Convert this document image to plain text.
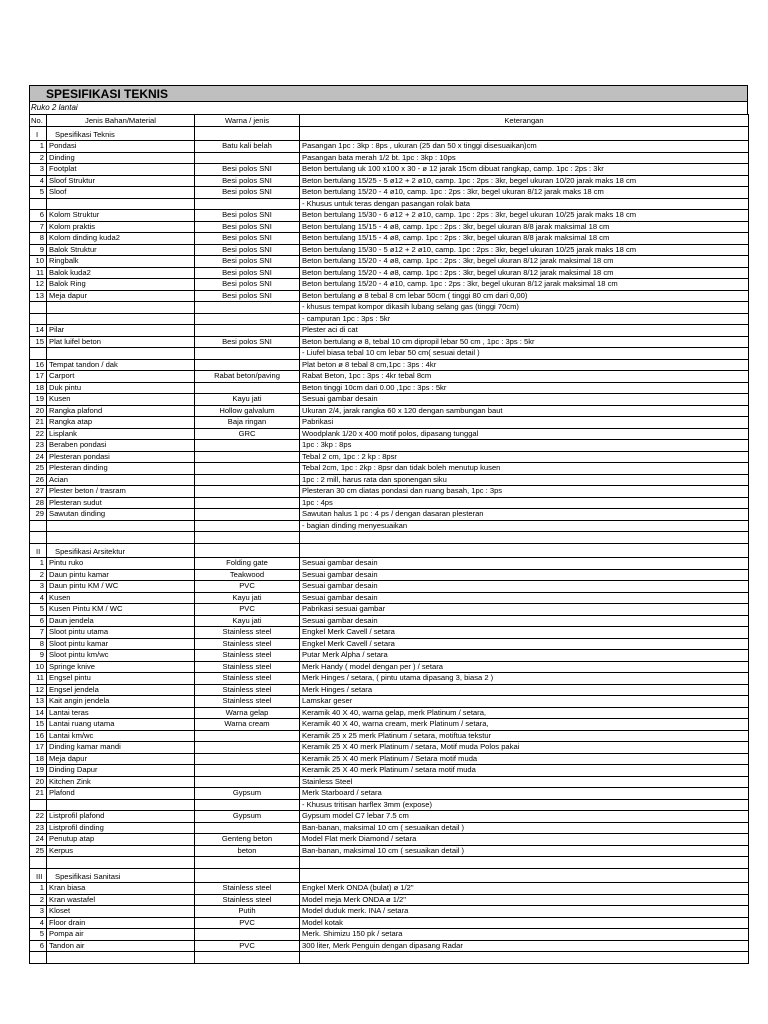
SPESIFIKASI TEKNIS
Ruko 2 lantai
No.	Jenis Bahan/Material	Warna / jenis	Keterangan
I	Spesifikasi Teknis		
1	Pondasi	Batu kali belah	Pasangan 1pc : 3kp : 8ps , ukuran (25 dan 50 x tinggi disesuaikan)cm
2	Dinding		Pasangan bata merah 1/2 bt. 1pc : 3kp : 10ps
3	Footplat	Besi polos SNI	Beton bertulang uk 100 x100 x 30 - ø 12 jarak 15cm dibuat rangkap, camp. 1pc : 2ps : 3kr
4	Sloof Struktur	Besi polos SNI	Beton bertulang 15/25 - 5 ø12 + 2 ø10, camp. 1pc : 2ps : 3kr, begel ukuran 10/20 jarak maks 18 cm
5	Sloof	Besi polos SNI	Beton bertulang 15/20 - 4 ø10, camp. 1pc : 2ps : 3kr, begel ukuran 8/12 jarak maks 18 cm
			- Khusus untuk teras dengan pasangan rolak bata
6	Kolom Struktur	Besi polos SNI	Beton bertulang 15/30 - 6 ø12 + 2 ø10, camp. 1pc : 2ps : 3kr, begel ukuran 10/25 jarak maks 18 cm
7	Kolom praktis	Besi polos SNI	Beton bertulang 15/15 - 4 ø8, camp. 1pc : 2ps : 3kr, begel ukuran 8/8 jarak maksimal 18 cm
8	Kolom dinding kuda2	Besi polos SNI	Beton bertulang 15/15 - 4 ø8, camp. 1pc : 2ps : 3kr, begel ukuran 8/8 jarak maksimal 18 cm
9	Balok Struktur	Besi polos SNI	Beton bertulang 15/30 - 5 ø12 + 2 ø10, camp. 1pc : 2ps : 3kr, begel ukuran 10/25 jarak maks 18 cm
10	Ringbalk	Besi polos SNI	Beton bertulang 15/20 - 4 ø8, camp. 1pc : 2ps : 3kr, begel ukuran 8/12 jarak maksimal 18 cm
11	Balok kuda2	Besi polos SNI	Beton bertulang 15/20 - 4 ø8, camp. 1pc : 2ps : 3kr, begel ukuran 8/12 jarak maksimal 18 cm
12	Balok Ring	Besi polos SNI	Beton bertulang 15/20 - 4 ø10, camp. 1pc : 2ps : 3kr, begel ukuran 8/12 jarak maksimal 18 cm
13	Meja dapur	Besi polos SNI	Beton bertulang ø 8 tebal 8 cm lebar 50cm ( tinggi 80 cm dari 0,00)
			- khusus tempat kompor dikasih lubang selang gas (tinggi 70cm)
			- campuran 1pc : 3ps : 5kr
14	Pilar		Plester aci di cat
15	Plat luifel beton	Besi polos SNI	Beton bertulang ø 8, tebal 10 cm dipropil lebar 50 cm , 1pc : 3ps : 5kr
			- Liufel biasa tebal 10 cm lebar 50 cm( sesuai detail )
16	Tempat tandon / dak		Plat beton ø 8 tebal 8 cm,1pc : 3ps : 4kr
17	Carport	Rabat beton/paving	Rabat Beton, 1pc : 3ps : 4kr tebal 8cm
18	Duk pintu		Beton tinggi 10cm dari 0.00 ,1pc : 3ps : 5kr
19	Kusen	Kayu jati	Sesuai gambar desain
20	Rangka plafond	Hollow galvalum	Ukuran 2/4, jarak rangka 60 x 120 dengan sambungan baut
21	Rangka atap	Baja ringan	Pabrikasi
22	Lisplank	GRC	Woodplank 1/20 x 400 motif polos, dipasang tunggal
23	Beraben pondasi		1pc : 3kp : 8ps
24	Plesteran pondasi		Tebal 2 cm, 1pc : 2 kp : 8psr
25	Plesteran dinding		Tebal 2cm, 1pc : 2kp : 8psr dan tidak boleh menutup kusen
26	Acian		1pc : 2 mill, harus rata dan sponengan siku
27	Plester beton / trasram		Plesteran 30 cm diatas pondasi dan ruang basah, 1pc : 3ps
28	Plesteran sudut		1pc : 4ps
29	Sawutan dinding		Sawutan halus 1 pc : 4 ps / dengan dasaran plesteran
			- bagian dinding menyesuaikan

II	Spesifikasi Arsitektur		
1	Pintu ruko	Folding gate	Sesuai gambar desain
2	Daun pintu kamar	Teakwood	Sesuai gambar desain
3	Daun pintu KM / WC	PVC	Sesuai gambar desain
4	Kusen	Kayu jati	Sesuai gambar desain
5	Kusen Pintu KM / WC	PVC	Pabrikasi sesuai gambar
6	Daun jendela	Kayu jati	Sesuai gambar desain
7	Sloot pintu utama	Stainless steel	Engkel Merk Cavell / setara
8	Sloot pintu kamar	Stainless steel	Engkel Merk Cavell / setara
9	Sloot pintu km/wc	Stainless steel	Putar Merk Alpha / setara
10	Springe knive	Stainless steel	Merk Handy ( model dengan per ) / setara
11	Engsel pintu	Stainless steel	Merk Hinges / setara, ( pintu utama dipasang 3, biasa 2 )
12	Engsel jendela	Stainless steel	Merk Hinges / setara
13	Kait angin jendela	Stainless steel	Lamskar geser
14	Lantai teras	Warna gelap	Keramik 40 X 40, warna gelap, merk Platinum / setara,
15	Lantai ruang utama	Warna cream	Keramik 40 X 40, warna cream, merk Platinum / setara,
16	Lantai km/wc		Keramik 25 x 25 merk Platinum / setara, motiftua tekstur
17	Dinding kamar mandi		Keramik 25 X 40 merk Platinum / setara, Motif muda Polos pakai
18	Meja dapur		Keramik 25 X 40 merk Platinum / Setara motif muda
19	Dinding Dapur		Keramik 25 X 40 merk Platinum / setara motif muda
20	Kitchen Zink		Stainless Steel
21	Plafond	Gypsum	Merk Starboard / setara
			- Khusus tritisan harflex 3mm (expose)
22	Listprofil plafond	Gypsum	Gypsum model C7 lebar 7.5 cm
23	Listprofil dinding		Ban-banan, maksimal 10 cm ( sesuaikan detail )
24	Penutup atap	Genteng beton	Model Flat merk Diamond / setara
25	Kerpus	beton	Ban-banan, maksimal 10 cm ( sesuaikan detail )

III	Spesifikasi Sanitasi		
1	Kran biasa	Stainless steel	Engkel Merk ONDA (bulat) ø 1/2"
2	Kran wastafel	Stainless steel	Model meja Merk ONDA ø 1/2"
3	Kloset	Putih	Model duduk merk. INA / setara
4	Floor drain	PVC	Model kotak
5	Pompa air		Merk. Shimizu 150 pk / setara
6	Tandon air	PVC	300 liter, Merk Penguin dengan dipasang Radar
